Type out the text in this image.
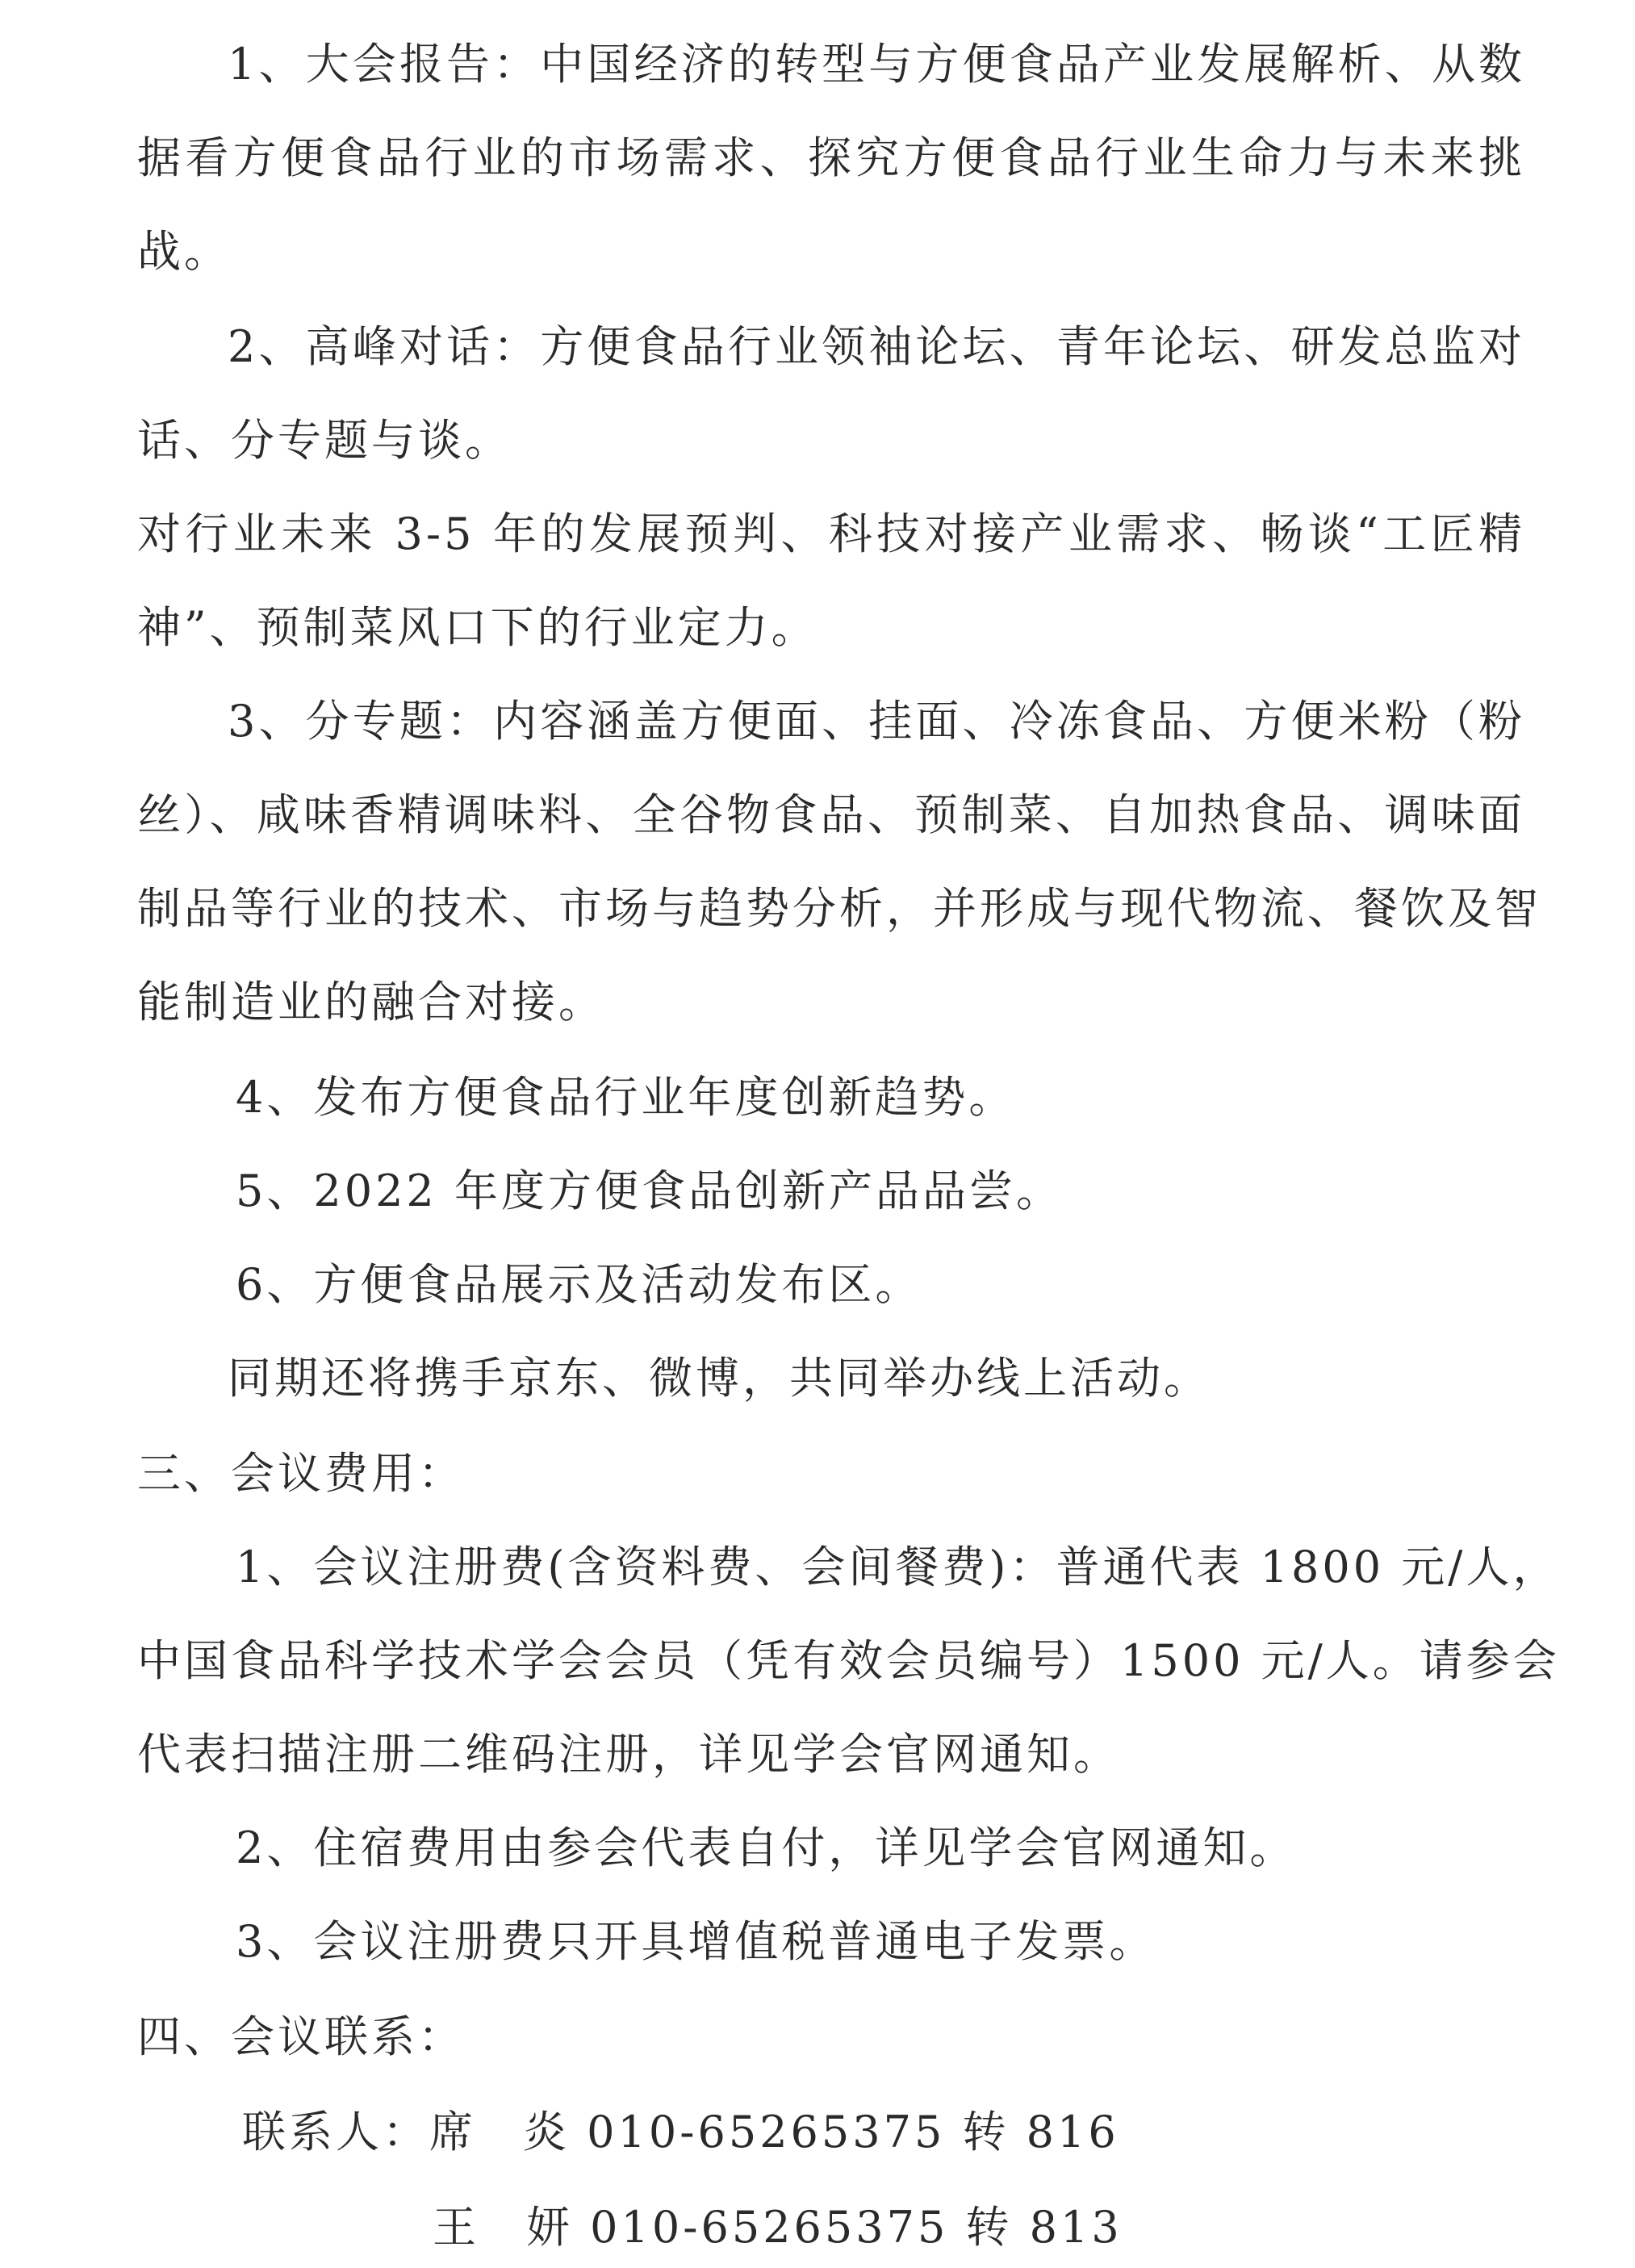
1、大会报告：中国经济的转型与方便食品产业发展解析、从数
据看方便食品行业的市场需求、探究方便食品行业生命力与未来挑
战。
2、高峰对话：方便食品行业领袖论坛、青年论坛、研发总监对
话、分专题与谈。
对行业未来 3-5 年的发展预判、科技对接产业需求、畅谈“工匠精
神”、预制菜风口下的行业定力。
3、分专题：内容涵盖方便面、挂面、冷冻食品、方便米粉（粉
丝）、咸味香精调味料、全谷物食品、预制菜、自加热食品、调味面
制品等行业的技术、市场与趋势分析，并形成与现代物流、餐饮及智
能制造业的融合对接。
4、发布方便食品行业年度创新趋势。
5、2022 年度方便食品创新产品品尝。
6、方便食品展示及活动发布区。
同期还将携手京东、微博，共同举办线上活动。
三、会议费用：
1、会议注册费(含资料费、会间餐费)：普通代表 1800 元/人，
中国食品科学技术学会会员（凭有效会员编号）1500 元/人。请参会
代表扫描注册二维码注册，详见学会官网通知。
2、住宿费用由参会代表自付，详见学会官网通知。
3、会议注册费只开具增值税普通电子发票。
四、会议联系：
联系人：席　炎 010-65265375 转 816
王　妍 010-65265375 转 813
